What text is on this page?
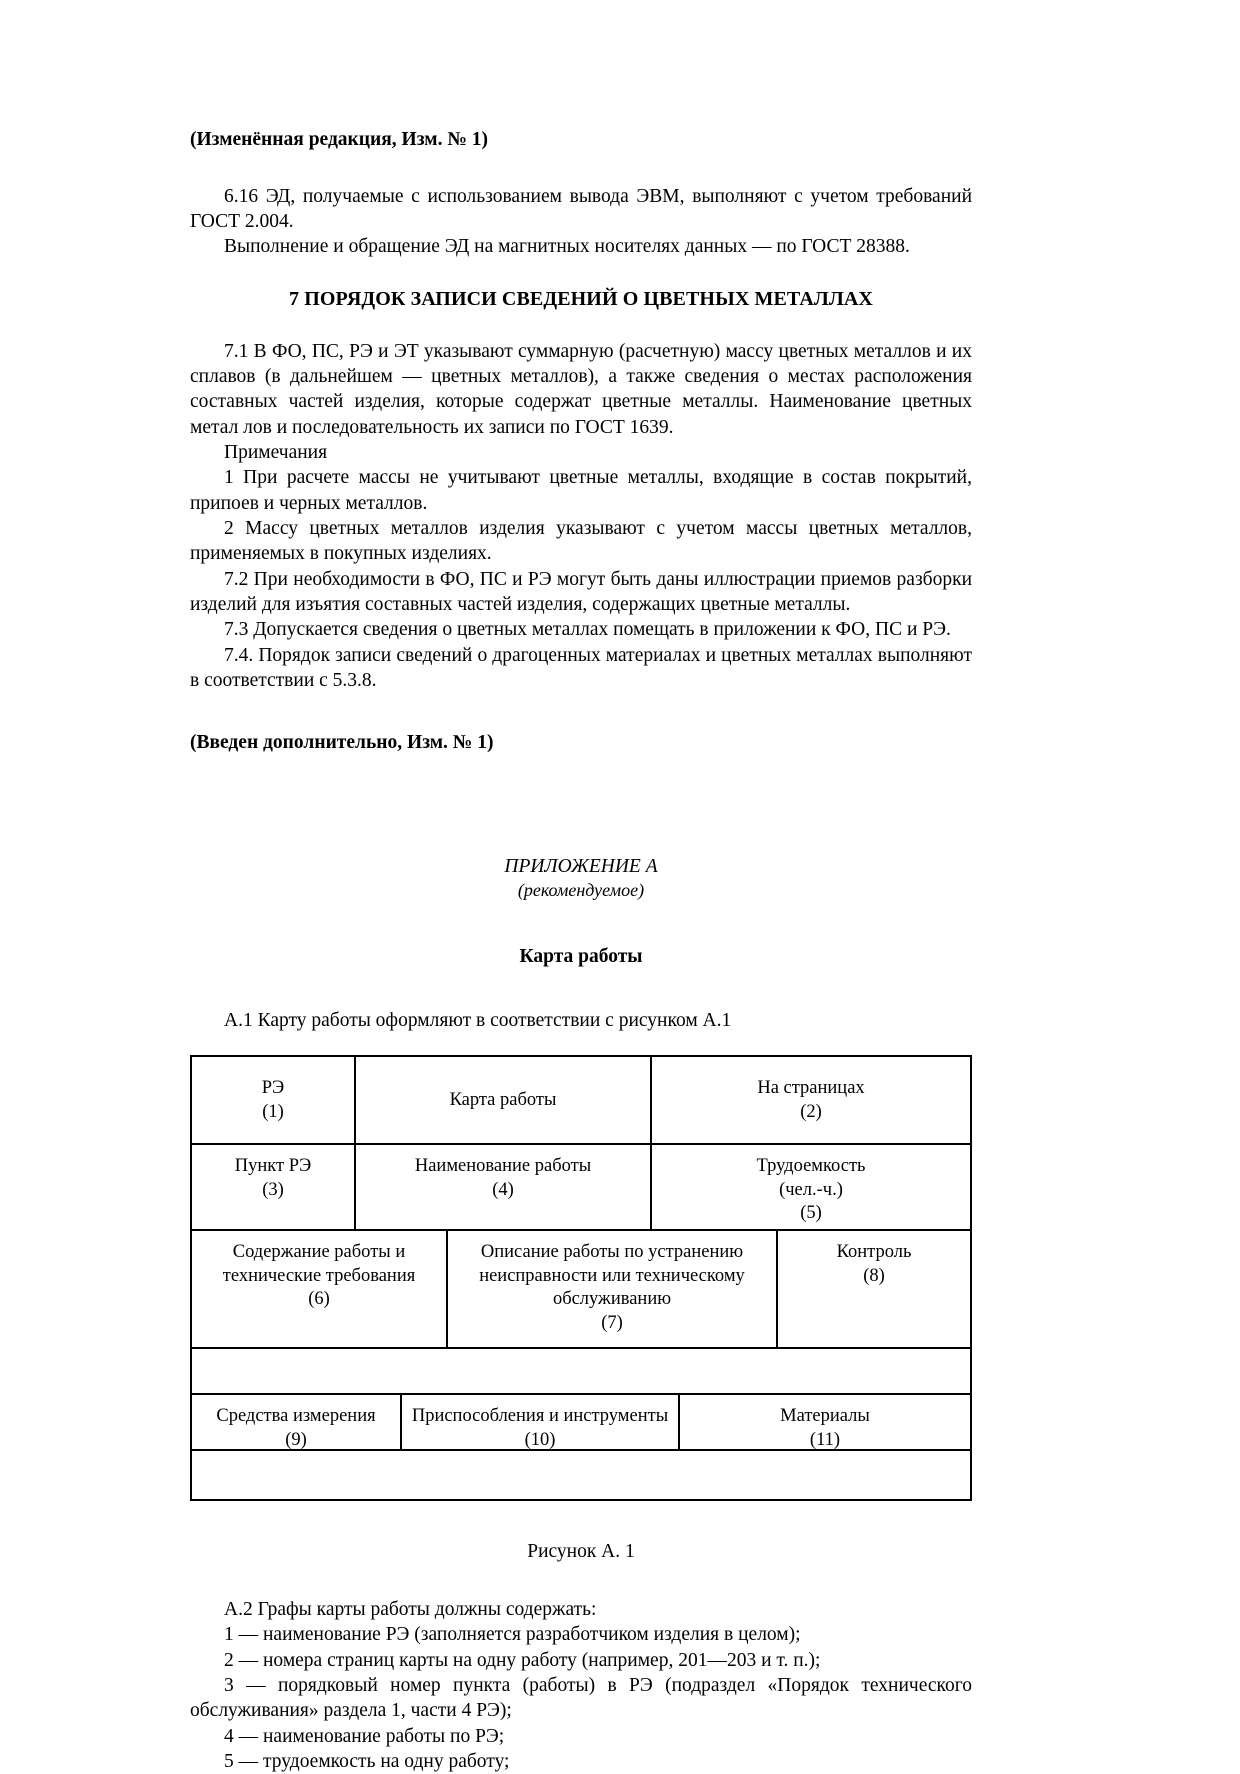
(Изменённая редакция, Изм. № 1)

6.16 ЭД, получаемые с использованием вывода ЭВМ, выполняют с учетом требований ГОСТ 2.004.

Выполнение и обращение ЭД на магнитных носителях данных — по ГОСТ 28388.

7 ПОРЯДОК ЗАПИСИ СВЕДЕНИЙ О ЦВЕТНЫХ МЕТАЛЛАХ

7.1 В ФО, ПС, РЭ и ЭТ указывают суммарную (расчетную) массу цветных металлов и их сплавов (в дальнейшем — цветных металлов), а также сведения о местах расположения составных частей изделия, которые содержат цветные металлы. Наименование цветных метал лов и последовательность их записи по ГОСТ 1639.

Примечания

1 При расчете массы не учитывают цветные металлы, входящие в состав покрытий, припоев и черных металлов.

2 Массу цветных металлов изделия указывают с учетом массы цветных металлов, применяемых в покупных изделиях.

7.2 При необходимости в ФО, ПС и РЭ могут быть даны иллюстрации приемов разборки изделий для изъятия составных частей изделия, содержащих цветные металлы.

7.3 Допускается сведения о цветных металлах помещать в приложении к ФО, ПС и РЭ.

7.4. Порядок записи сведений о драгоценных материалах и цветных металлах выполняют в соответствии с 5.3.8.

(Введен дополнительно, Изм. № 1)
ПРИЛОЖЕНИЕ А
(рекомендуемое)
Карта работы

А.1 Карту работы оформляют в соответствии с рисунком А.1

РЭ
(1)
Карта работы
На страницах
(2)
Пункт РЭ
(3)
Наименование работы
(4)
Трудоемкость
(чел.-ч.)
(5)
Содержание работы и
технические требования
(6)
Описание работы по устранению
неисправности или техническому
обслуживанию
(7)
Контроль
(8)
Средства измерения
(9)
Приспособления и инструменты
(10)
Материалы
(11)
Рисунок А. 1

А.2 Графы карты работы должны содержать:

1 — наименование РЭ (заполняется разработчиком изделия в целом);

2 — номера страниц карты на одну работу (например, 201—203 и т. п.);

3 — порядковый номер пункта (работы) в РЭ (подраздел «Порядок технического обслуживания» раздела 1, части 4 РЭ);

4 — наименование работы по РЭ;

5 — трудоемкость на одну работу;
